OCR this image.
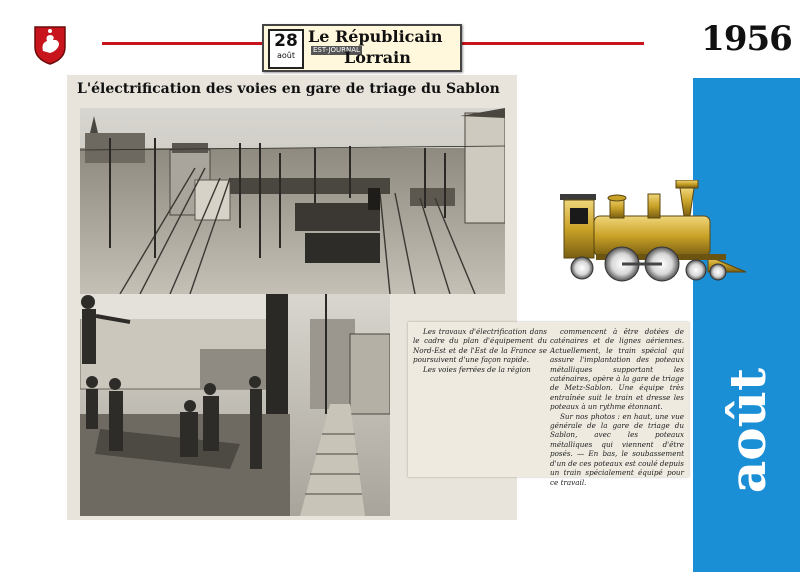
28
août
Le Républicain
EST-JOURNAL
Lorrain	1956
août
L'électrification des voies en gare de triage du Sablon

Les travaux d'électrification dans le cadre du plan d'équipement du Nord-Est et de l'Est de la France se poursuivent d'une façon rapide.

Les voies ferrées de la région

commencent à être dotées de caténaires et de lignes aériennes. Actuellement, le train spécial qui assure l'implantation des poteaux métalliques supportant les caténaires, opère à la gare de triage de Metz-Sablon. Une équipe très entraînée suit le train et dresse les poteaux à un rythme étonnant.

Sur nos photos : en haut, une vue générale de la gare de triage du Sablon, avec les poteaux métalliques qui viennent d'être posés. — En bas, le soubassement d'un de ces poteaux est coulé depuis un train spécialement équipé pour ce travail.
